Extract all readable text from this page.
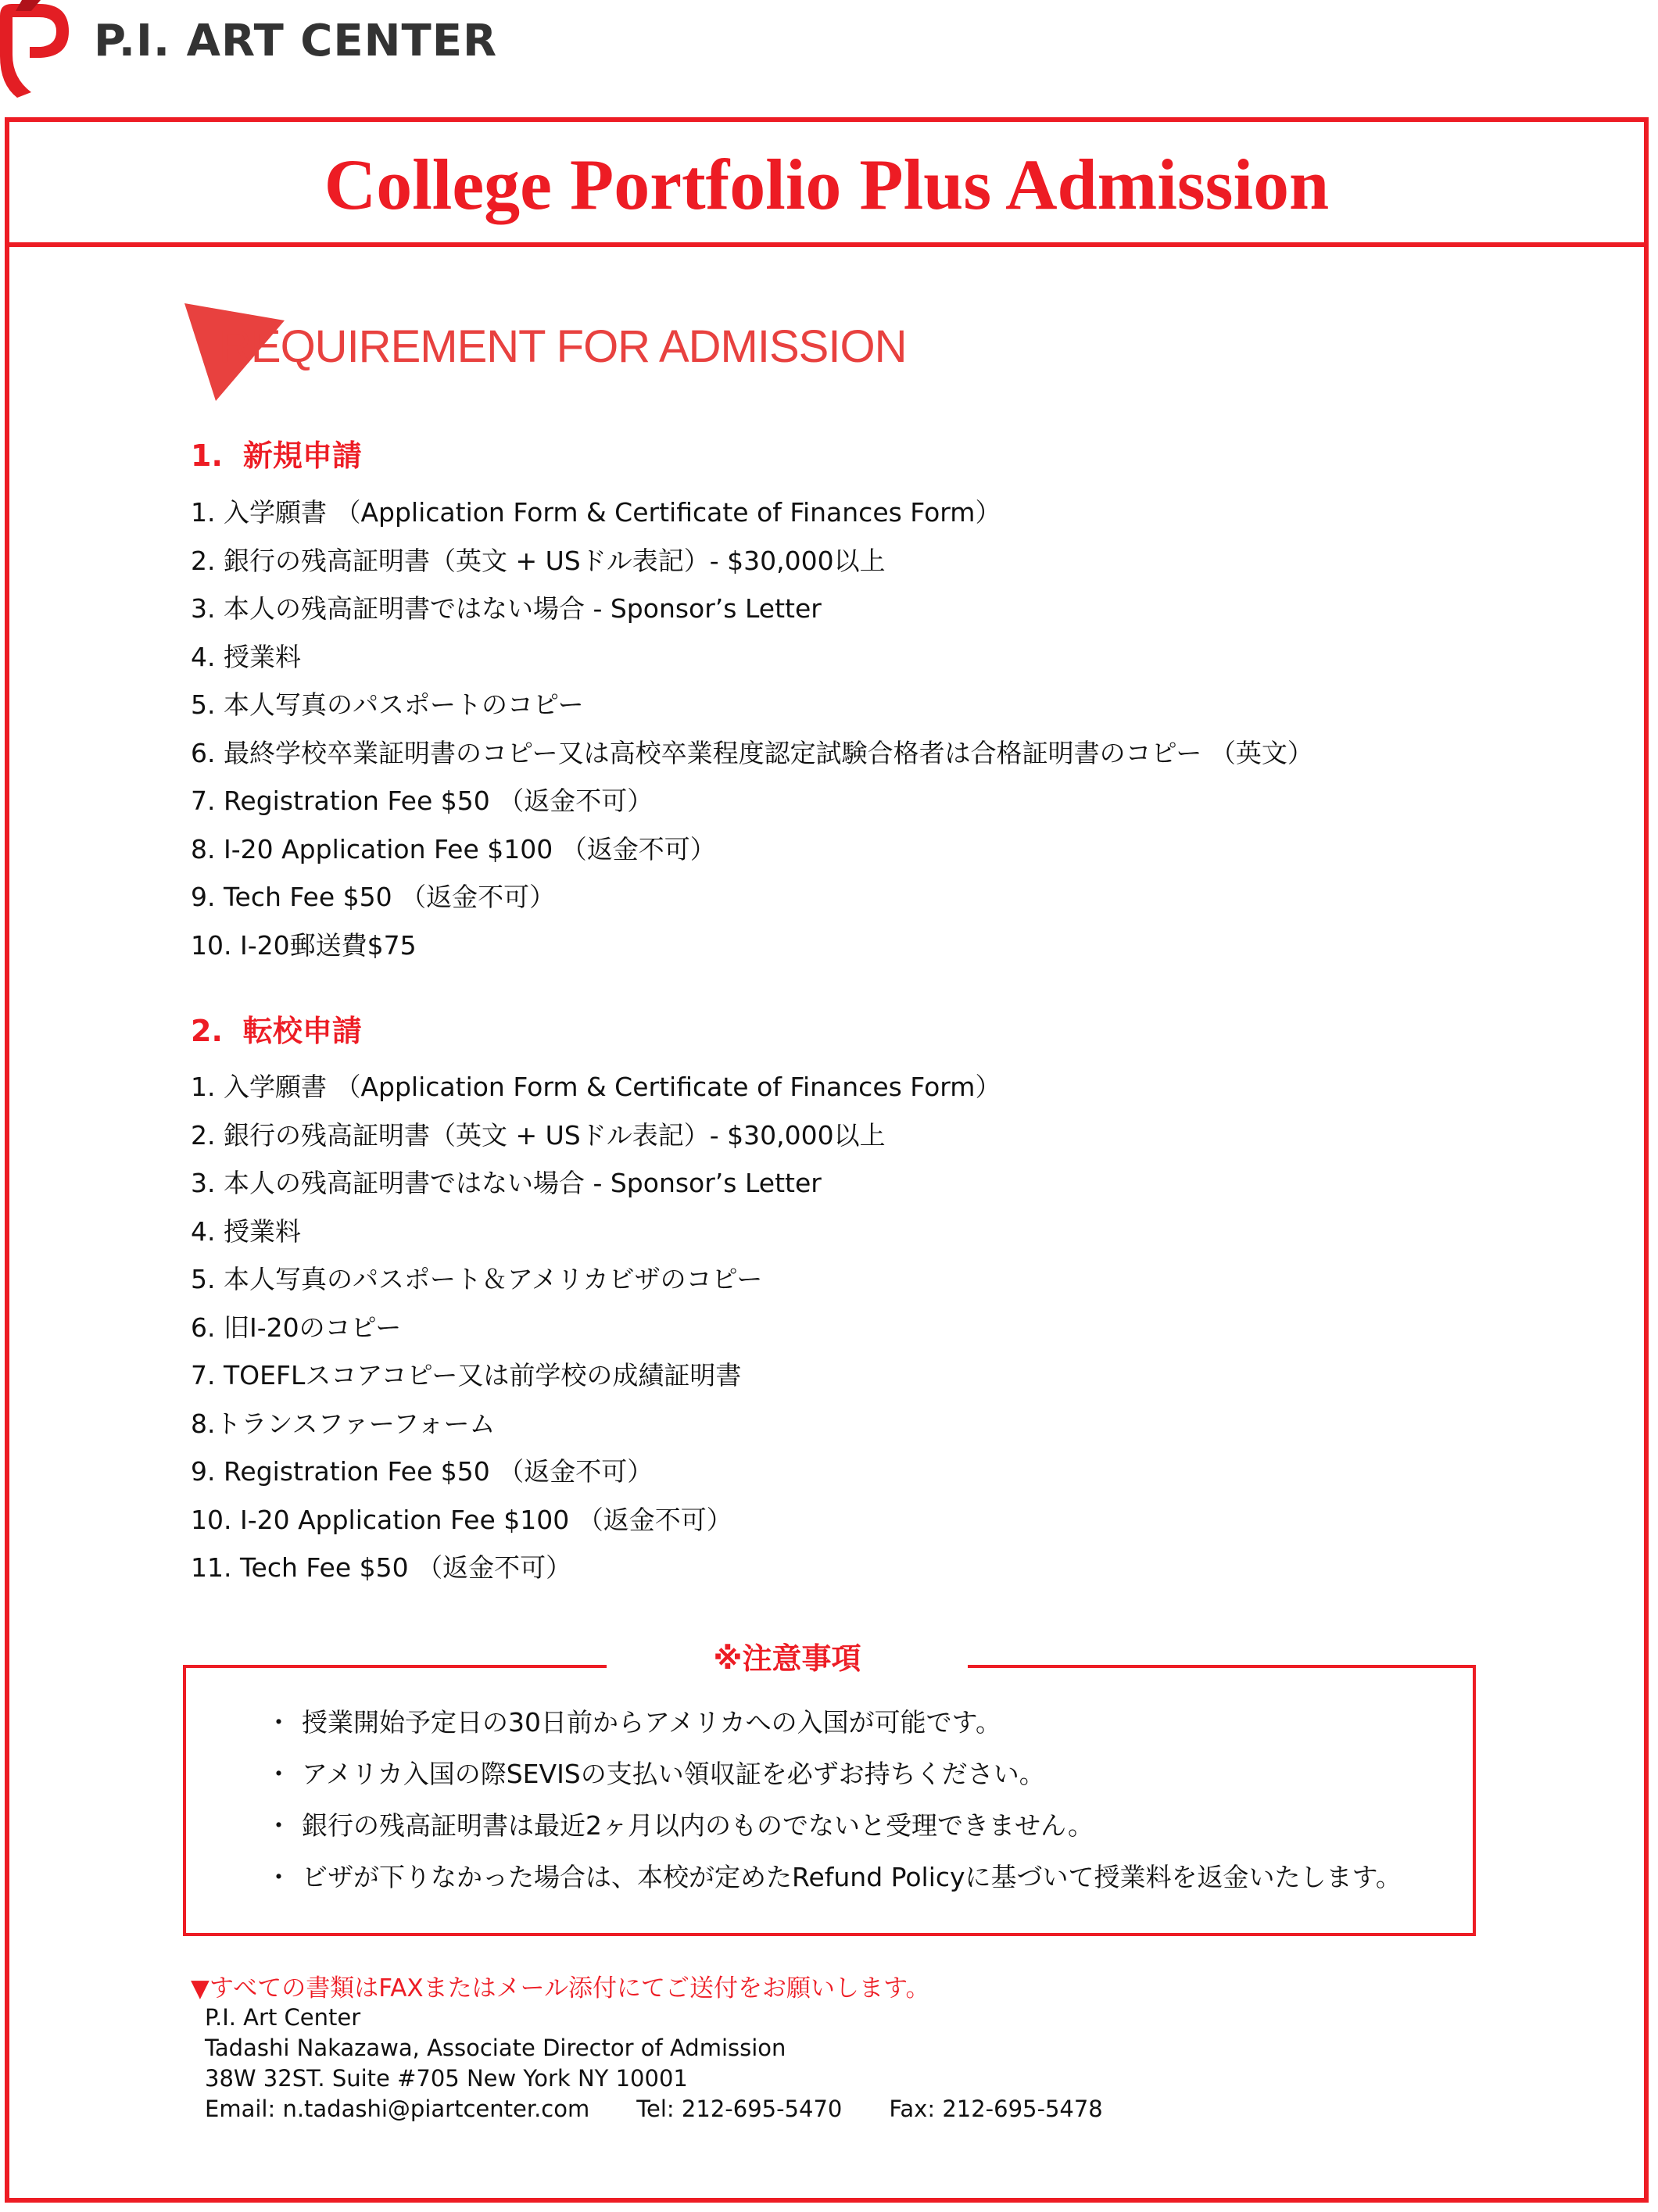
P.I. ART CENTER
College Portfolio Plus Admission
REQUIREMENT FOR ADMISSION
1. 新規申請
1. 入学願書 （Application Form & Certificate of Finances Form）
2. 銀行の残高証明書（英文 + USドル表記）- $30,000以上
3. 本人の残高証明書ではない場合 - Sponsor’s Letter
4. 授業料
5. 本人写真のパスポートのコピー
6. 最終学校卒業証明書のコピー又は高校卒業程度認定試験合格者は合格証明書のコピー （英文）
7. Registration Fee $50 （返金不可）
8. I-20 Application Fee $100 （返金不可）
9. Tech Fee $50 （返金不可）
10. I-20郵送費$75
2. 転校申請
1. 入学願書 （Application Form & Certificate of Finances Form）
2. 銀行の残高証明書（英文 + USドル表記）- $30,000以上
3. 本人の残高証明書ではない場合 - Sponsor’s Letter
4. 授業料
5. 本人写真のパスポート＆アメリカビザのコピー
6. 旧I-20のコピー
7. TOEFLスコアコピー又は前学校の成績証明書
8.トランスファーフォーム
9. Registration Fee $50 （返金不可）
10. I-20 Application Fee $100 （返金不可）
11. Tech Fee $50 （返金不可）
※注意事項
・ 授業開始予定日の30日前からアメリカへの入国が可能です。
・ アメリカ入国の際SEVISの支払い領収証を必ずお持ちください。
・ 銀行の残高証明書は最近2ヶ月以内のものでないと受理できません。
・ ビザが下りなかった場合は、本校が定めたRefund Policyに基づいて授業料を返金いたします。
▼すべての書類はFAXまたはメール添付にてご送付をお願いします。
P.I. Art Center
Tadashi Nakazawa, Associate Director of Admission
38W 32ST. Suite #705 New York NY 10001
Email: n.tadashi@piartcenter.com Tel: 212-695-5470 Fax: 212-695-5478
